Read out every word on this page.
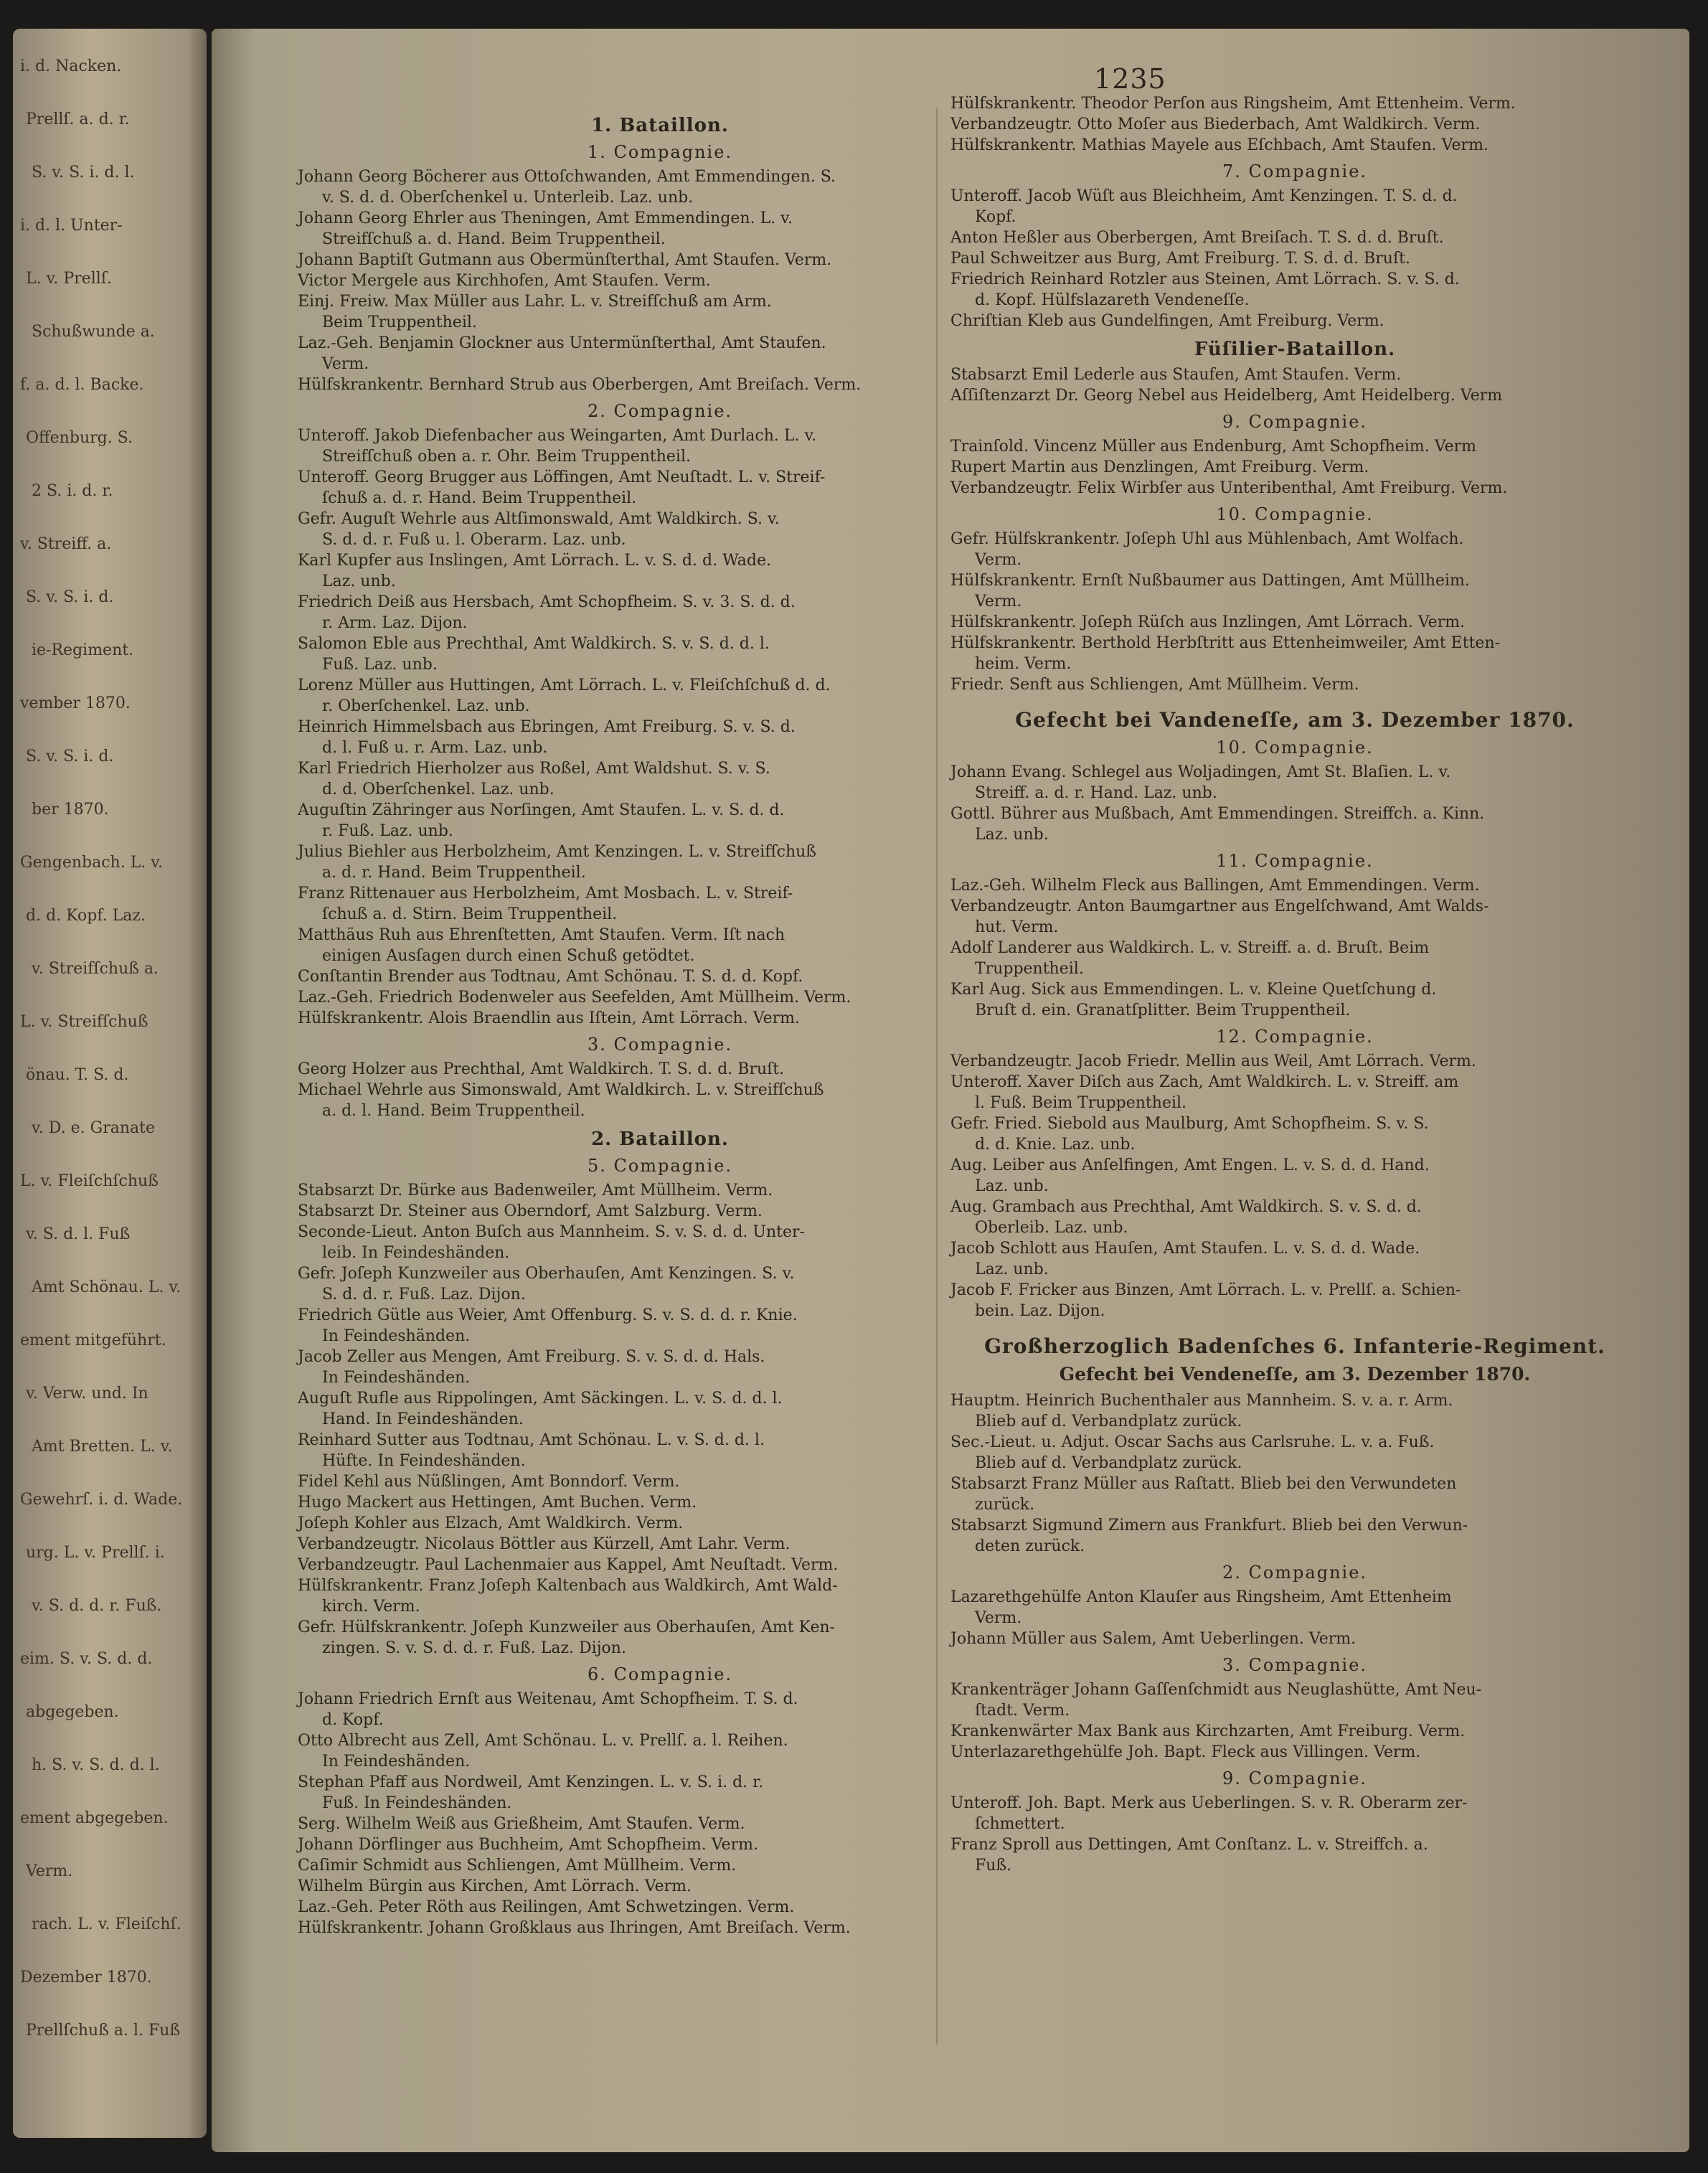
i. d. Nacken.
Prellſ. a. d. r.
S. v. S. i. d. l.
i. d. l. Unter-
L. v. Prellſ.
Schußwunde a.
f. a. d. l. Backe.
Offenburg. S.
2 S. i. d. r.
v. Streiff. a.
S. v. S. i. d.
ie-Regiment.
vember 1870.
S. v. S. i. d.
ber 1870.
Gengenbach. L. v.
d. d. Kopf. Laz.
v. Streifſchuß a.
L. v. Streifſchuß
önau. T. S. d.
v. D. e. Granate
L. v. Fleiſchſchuß
v. S. d. l. Fuß
Amt Schönau. L. v.
ement mitgeführt.
v. Verw. und. In
Amt Bretten. L. v.
Gewehrſ. i. d. Wade.
urg. L. v. Prellſ. i.
v. S. d. d. r. Fuß.
eim. S. v. S. d. d.
abgegeben.
h. S. v. S. d. d. l.
ement abgegeben.
Verm.
rach. L. v. Fleiſchſ.
Dezember 1870.
Prellſchuß a. l. Fuß
1235
1. Bataillon.
1. Compagnie.

Johann Georg Böcherer aus Ottoſchwanden, Amt Emmendingen. S.

v. S. d. d. Oberſchenkel u. Unterleib. Laz. unb.

Johann Georg Ehrler aus Theningen, Amt Emmendingen. L. v.

Streifſchuß a. d. Hand. Beim Truppentheil.

Johann Baptiſt Gutmann aus Obermünſterthal, Amt Staufen. Verm.

Victor Mergele aus Kirchhofen, Amt Staufen. Verm.

Einj. Freiw. Max Müller aus Lahr. L. v. Streifſchuß am Arm.

Beim Truppentheil.

Laz.-Geh. Benjamin Glockner aus Untermünſterthal, Amt Staufen.

Verm.

Hülfskrankentr. Bernhard Strub aus Oberbergen, Amt Breiſach. Verm.

2. Compagnie.

Unteroff. Jakob Diefenbacher aus Weingarten, Amt Durlach. L. v.

Streifſchuß oben a. r. Ohr. Beim Truppentheil.

Unteroff. Georg Brugger aus Löffingen, Amt Neuſtadt. L. v. Streif-

ſchuß a. d. r. Hand. Beim Truppentheil.

Gefr. Auguſt Wehrle aus Altſimonswald, Amt Waldkirch. S. v.

S. d. d. r. Fuß u. l. Oberarm. Laz. unb.

Karl Kupfer aus Inslingen, Amt Lörrach. L. v. S. d. d. Wade.

Laz. unb.

Friedrich Deiß aus Hersbach, Amt Schopfheim. S. v. 3. S. d. d.

r. Arm. Laz. Dijon.

Salomon Eble aus Prechthal, Amt Waldkirch. S. v. S. d. d. l.

Fuß. Laz. unb.

Lorenz Müller aus Huttingen, Amt Lörrach. L. v. Fleiſchſchuß d. d.

r. Oberſchenkel. Laz. unb.

Heinrich Himmelsbach aus Ebringen, Amt Freiburg. S. v. S. d.

d. l. Fuß u. r. Arm. Laz. unb.

Karl Friedrich Hierholzer aus Roßel, Amt Waldshut. S. v. S.

d. d. Oberſchenkel. Laz. unb.

Auguſtin Zähringer aus Norſingen, Amt Staufen. L. v. S. d. d.

r. Fuß. Laz. unb.

Julius Biehler aus Herbolzheim, Amt Kenzingen. L. v. Streifſchuß

a. d. r. Hand. Beim Truppentheil.

Franz Rittenauer aus Herbolzheim, Amt Mosbach. L. v. Streif-

ſchuß a. d. Stirn. Beim Truppentheil.

Matthäus Ruh aus Ehrenſtetten, Amt Staufen. Verm. Iſt nach

einigen Ausſagen durch einen Schuß getödtet.

Conſtantin Brender aus Todtnau, Amt Schönau. T. S. d. d. Kopf.

Laz.-Geh. Friedrich Bodenweler aus Seefelden, Amt Müllheim. Verm.

Hülfskrankentr. Alois Braendlin aus Iſtein, Amt Lörrach. Verm.

3. Compagnie.

Georg Holzer aus Prechthal, Amt Waldkirch. T. S. d. d. Bruſt.

Michael Wehrle aus Simonswald, Amt Waldkirch. L. v. Streifſchuß

a. d. l. Hand. Beim Truppentheil.

2. Bataillon.
5. Compagnie.

Stabsarzt Dr. Bürke aus Badenweiler, Amt Müllheim. Verm.

Stabsarzt Dr. Steiner aus Oberndorf, Amt Salzburg. Verm.

Seconde-Lieut. Anton Buſch aus Mannheim. S. v. S. d. d. Unter-

leib. In Feindeshänden.

Gefr. Joſeph Kunzweiler aus Oberhauſen, Amt Kenzingen. S. v.

S. d. d. r. Fuß. Laz. Dijon.

Friedrich Gütle aus Weier, Amt Offenburg. S. v. S. d. d. r. Knie.

In Feindeshänden.

Jacob Zeller aus Mengen, Amt Freiburg. S. v. S. d. d. Hals.

In Feindeshänden.

Auguſt Rufle aus Rippolingen, Amt Säckingen. L. v. S. d. d. l.

Hand. In Feindeshänden.

Reinhard Sutter aus Todtnau, Amt Schönau. L. v. S. d. d. l.

Hüfte. In Feindeshänden.

Fidel Kehl aus Nüßlingen, Amt Bonndorf. Verm.

Hugo Mackert aus Hettingen, Amt Buchen. Verm.

Joſeph Kohler aus Elzach, Amt Waldkirch. Verm.

Verbandzeugtr. Nicolaus Böttler aus Kürzell, Amt Lahr. Verm.

Verbandzeugtr. Paul Lachenmaier aus Kappel, Amt Neuſtadt. Verm.

Hülfskrankentr. Franz Joſeph Kaltenbach aus Waldkirch, Amt Wald-

kirch. Verm.

Gefr. Hülfskrankentr. Joſeph Kunzweiler aus Oberhauſen, Amt Ken-

zingen. S. v. S. d. d. r. Fuß. Laz. Dijon.

6. Compagnie.

Johann Friedrich Ernſt aus Weitenau, Amt Schopfheim. T. S. d.

d. Kopf.

Otto Albrecht aus Zell, Amt Schönau. L. v. Prellſ. a. l. Reihen.

In Feindeshänden.

Stephan Pfaff aus Nordweil, Amt Kenzingen. L. v. S. i. d. r.

Fuß. In Feindeshänden.

Serg. Wilhelm Weiß aus Grießheim, Amt Staufen. Verm.

Johann Dörflinger aus Buchheim, Amt Schopfheim. Verm.

Caſimir Schmidt aus Schliengen, Amt Müllheim. Verm.

Wilhelm Bürgin aus Kirchen, Amt Lörrach. Verm.

Laz.-Geh. Peter Röth aus Reilingen, Amt Schwetzingen. Verm.

Hülfskrankentr. Johann Großklaus aus Ihringen, Amt Breiſach. Verm.

Hülfskrankentr. Theodor Perſon aus Ringsheim, Amt Ettenheim. Verm.

Verbandzeugtr. Otto Moſer aus Biederbach, Amt Waldkirch. Verm.

Hülfskrankentr. Mathias Mayele aus Eſchbach, Amt Staufen. Verm.

7. Compagnie.

Unteroff. Jacob Wüſt aus Bleichheim, Amt Kenzingen. T. S. d. d.

Kopf.

Anton Heßler aus Oberbergen, Amt Breiſach. T. S. d. d. Bruſt.

Paul Schweitzer aus Burg, Amt Freiburg. T. S. d. d. Bruſt.

Friedrich Reinhard Rotzler aus Steinen, Amt Lörrach. S. v. S. d.

d. Kopf. Hülfslazareth Vendeneſſe.

Chriſtian Kleb aus Gundelfingen, Amt Freiburg. Verm.

Füſilier-Bataillon.

Stabsarzt Emil Lederle aus Staufen, Amt Staufen. Verm.

Aſſiſtenzarzt Dr. Georg Nebel aus Heidelberg, Amt Heidelberg. Verm

9. Compagnie.

Trainſold. Vincenz Müller aus Endenburg, Amt Schopfheim. Verm

Rupert Martin aus Denzlingen, Amt Freiburg. Verm.

Verbandzeugtr. Felix Wirbſer aus Unteribenthal, Amt Freiburg. Verm.

10. Compagnie.

Gefr. Hülfskrankentr. Joſeph Uhl aus Mühlenbach, Amt Wolfach.

Verm.

Hülfskrankentr. Ernſt Nußbaumer aus Dattingen, Amt Müllheim.

Verm.

Hülfskrankentr. Joſeph Rüſch aus Inzlingen, Amt Lörrach. Verm.

Hülfskrankentr. Berthold Herbſtritt aus Ettenheimweiler, Amt Etten-

heim. Verm.

Friedr. Senft aus Schliengen, Amt Müllheim. Verm.

Gefecht bei Vandeneſſe, am 3. Dezember 1870.
10. Compagnie.

Johann Evang. Schlegel aus Woljadingen, Amt St. Blaſien. L. v.

Streiff. a. d. r. Hand. Laz. unb.

Gottl. Bührer aus Mußbach, Amt Emmendingen. Streiffch. a. Kinn.

Laz. unb.

11. Compagnie.

Laz.-Geh. Wilhelm Fleck aus Ballingen, Amt Emmendingen. Verm.

Verbandzeugtr. Anton Baumgartner aus Engelſchwand, Amt Walds-

hut. Verm.

Adolf Landerer aus Waldkirch. L. v. Streiff. a. d. Bruſt. Beim

Truppentheil.

Karl Aug. Sick aus Emmendingen. L. v. Kleine Quetſchung d.

Bruſt d. ein. Granatſplitter. Beim Truppentheil.

12. Compagnie.

Verbandzeugtr. Jacob Friedr. Mellin aus Weil, Amt Lörrach. Verm.

Unteroff. Xaver Diſch aus Zach, Amt Waldkirch. L. v. Streiff. am

l. Fuß. Beim Truppentheil.

Gefr. Fried. Siebold aus Maulburg, Amt Schopfheim. S. v. S.

d. d. Knie. Laz. unb.

Aug. Leiber aus Anſelfingen, Amt Engen. L. v. S. d. d. Hand.

Laz. unb.

Aug. Grambach aus Prechthal, Amt Waldkirch. S. v. S. d. d.

Oberleib. Laz. unb.

Jacob Schlott aus Hauſen, Amt Staufen. L. v. S. d. d. Wade.

Laz. unb.

Jacob F. Fricker aus Binzen, Amt Lörrach. L. v. Prellſ. a. Schien-

bein. Laz. Dijon.

Großherzoglich Badenſches 6. Infanterie-Regiment.
Gefecht bei Vendeneſſe, am 3. Dezember 1870.

Hauptm. Heinrich Buchenthaler aus Mannheim. S. v. a. r. Arm.

Blieb auf d. Verbandplatz zurück.

Sec.-Lieut. u. Adjut. Oscar Sachs aus Carlsruhe. L. v. a. Fuß.

Blieb auf d. Verbandplatz zurück.

Stabsarzt Franz Müller aus Raſtatt. Blieb bei den Verwundeten

zurück.

Stabsarzt Sigmund Zimern aus Frankfurt. Blieb bei den Verwun-

deten zurück.

2. Compagnie.

Lazarethgehülfe Anton Klauſer aus Ringsheim, Amt Ettenheim

Verm.

Johann Müller aus Salem, Amt Ueberlingen. Verm.

3. Compagnie.

Krankenträger Johann Gaſſenſchmidt aus Neuglashütte, Amt Neu-

ſtadt. Verm.

Krankenwärter Max Bank aus Kirchzarten, Amt Freiburg. Verm.

Unterlazarethgehülfe Joh. Bapt. Fleck aus Villingen. Verm.

9. Compagnie.

Unteroff. Joh. Bapt. Merk aus Ueberlingen. S. v. R. Oberarm zer-

ſchmettert.

Franz Sproll aus Dettingen, Amt Conſtanz. L. v. Streiffch. a.

Fuß.
